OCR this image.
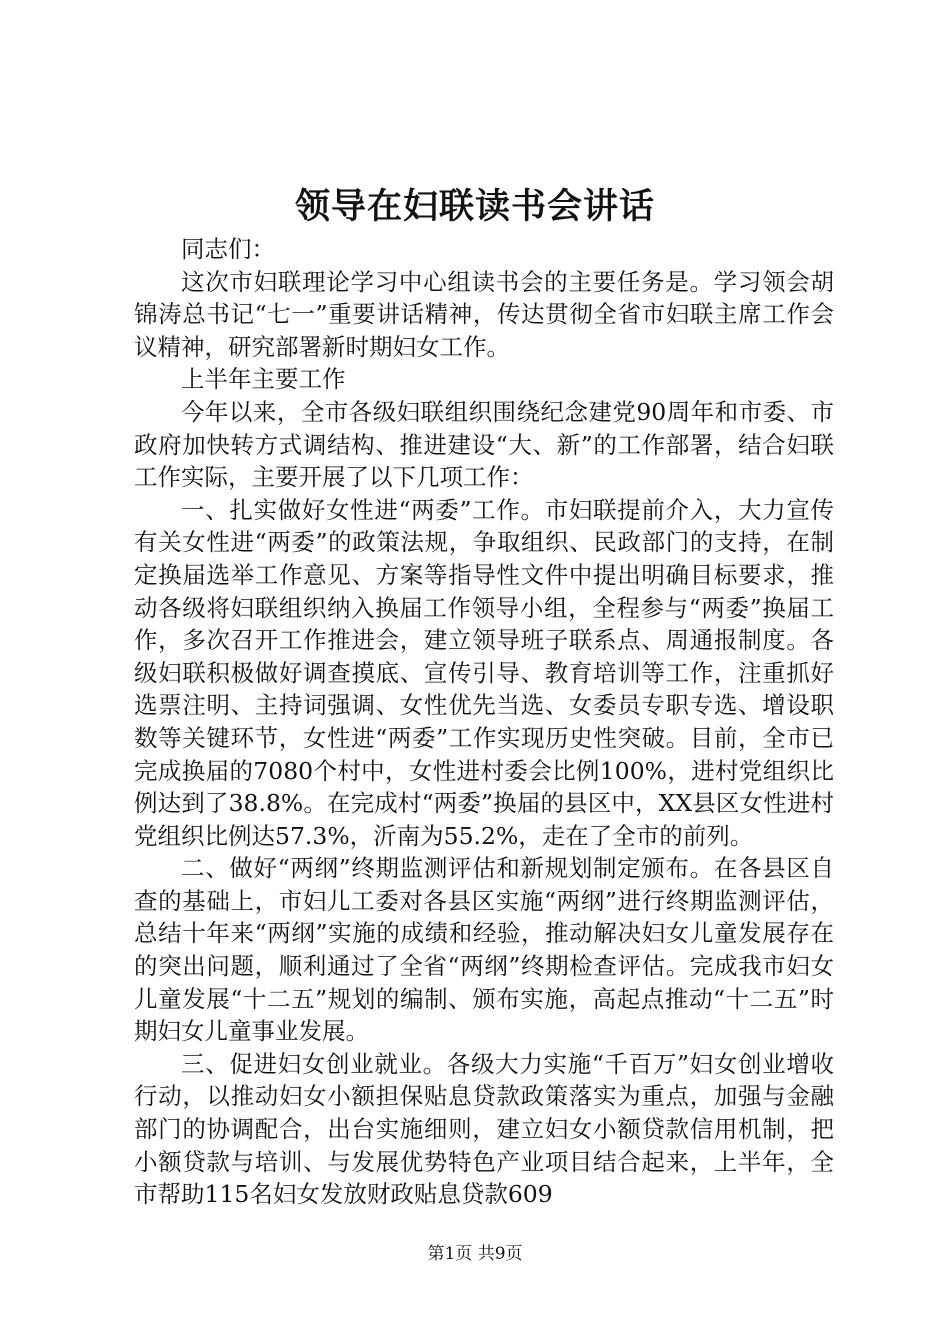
领导在妇联读书会讲话

同志们：

这次市妇联理论学习中心组读书会的主要任务是。学习领会胡锦涛总书记“七一”重要讲话精神，传达贯彻全省市妇联主席工作会议精神，研究部署新时期妇女工作。

上半年主要工作

今年以来，全市各级妇联组织围绕纪念建党90周年和市委、市政府加快转方式调结构、推进建设“大、新”的工作部署，结合妇联工作实际，主要开展了以下几项工作：

一、扎实做好女性进“两委”工作。市妇联提前介入，大力宣传有关女性进“两委”的政策法规，争取组织、民政部门的支持，在制定换届选举工作意见、方案等指导性文件中提出明确目标要求，推动各级将妇联组织纳入换届工作领导小组，全程参与“两委”换届工作，多次召开工作推进会，建立领导班子联系点、周通报制度。各级妇联积极做好调查摸底、宣传引导、教育培训等工作，注重抓好选票注明、主持词强调、女性优先当选、女委员专职专选、增设职数等关键环节，女性进“两委”工作实现历史性突破。目前，全市已完成换届的7080个村中，女性进村委会比例100%，进村党组织比例达到了38.8%。在完成村“两委”换届的县区中，XX县区女性进村党组织比例达57.3%，沂南为55.2%，走在了全市的前列。

二、做好“两纲”终期监测评估和新规划制定颁布。在各县区自查的基础上，市妇儿工委对各县区实施“两纲”进行终期监测评估，总结十年来“两纲”实施的成绩和经验，推动解决妇女儿童发展存在的突出问题，顺利通过了全省“两纲”终期检查评估。完成我市妇女儿童发展“十二五”规划的编制、颁布实施，高起点推动“十二五”时期妇女儿童事业发展。

三、促进妇女创业就业。各级大力实施“千百万”妇女创业增收行动，以推动妇女小额担保贴息贷款政策落实为重点，加强与金融部门的协调配合，出台实施细则，建立妇女小额贷款信用机制，把小额贷款与培训、与发展优势特色产业项目结合起来，上半年，全市帮助115名妇女发放财政贴息贷款609

第1页 共9页
